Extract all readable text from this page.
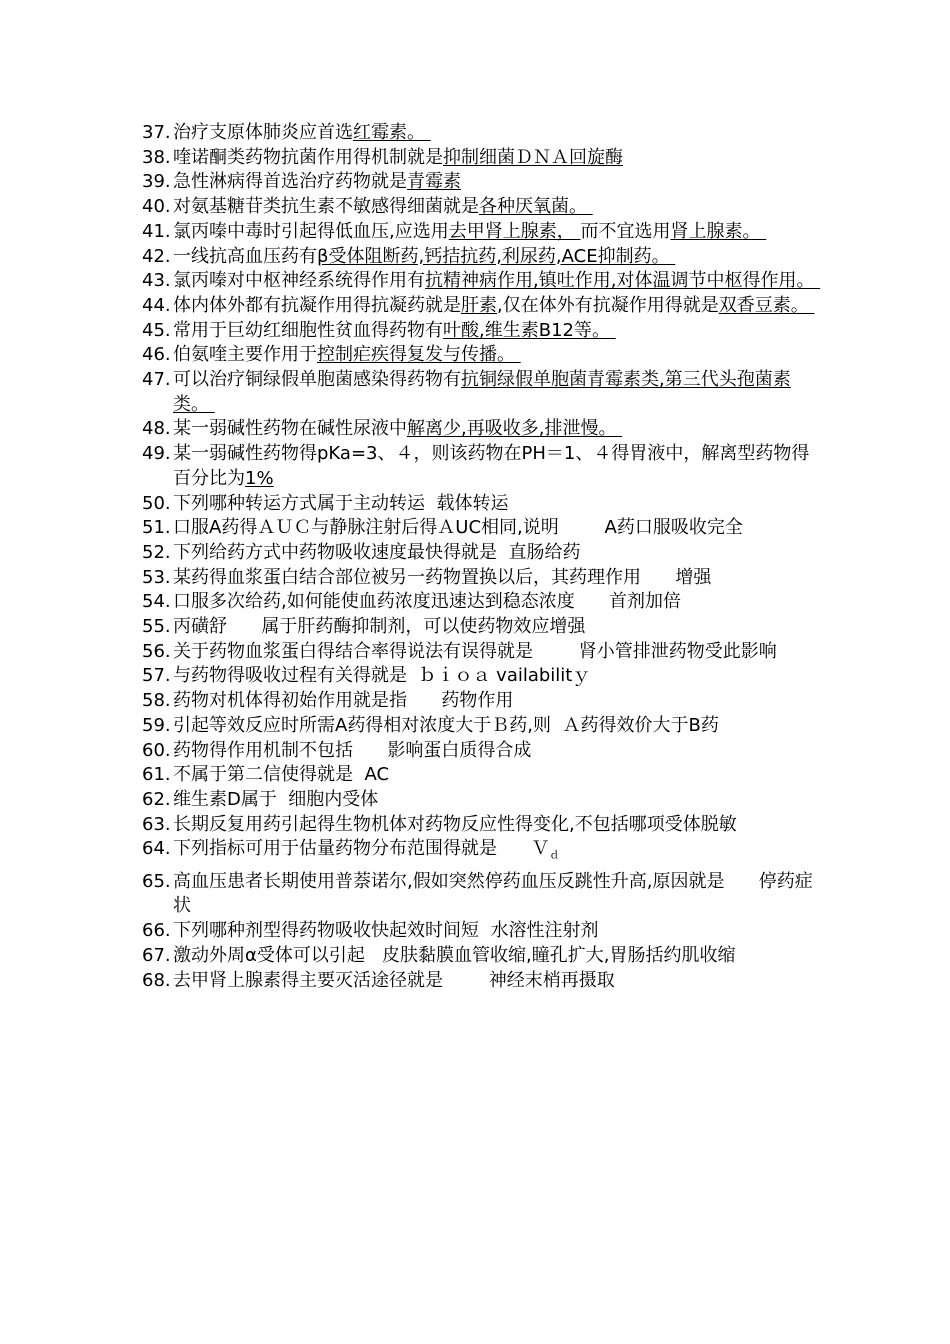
37. 治疗支原体肺炎应首选红霉素。
38. 喹诺酮类药物抗菌作用得机制就是抑制细菌ＤＮＡ回旋酶
39. 急性淋病得首选治疗药物就是青霉素
40. 对氨基糖苷类抗生素不敏感得细菌就是各种厌氧菌。
41. 氯丙嗪中毒时引起得低血压,应选用去甲肾上腺素， 而不宜选用肾上腺素。
42. 一线抗高血压药有β受体阻断药,钙拮抗药,利尿药,ACE抑制药。
43. 氯丙嗪对中枢神经系统得作用有抗精神病作用,镇吐作用,对体温调节中枢得作用。
44. 体内体外都有抗凝作用得抗凝药就是肝素,仅在体外有抗凝作用得就是双香豆素。
45. 常用于巨幼红细胞性贫血得药物有叶酸,维生素B12等。
46. 伯氨喹主要作用于控制疟疾得复发与传播。
47. 可以治疗铜绿假单胞菌感染得药物有抗铜绿假单胞菌青霉素类,第三代头孢菌素类。
48. 某一弱碱性药物在碱性尿液中解离少,再吸收多,排泄慢。
49. 某一弱碱性药物得pKa=3、４，则该药物在PH＝1、４得胃液中，解离型药物得百分比为1%
50. 下列哪种转运方式属于主动转运  载体转运
51. 口服A药得ＡＵＣ与静脉注射后得ＡUC相同,说明        A药口服吸收完全
52. 下列给药方式中药物吸收速度最快得就是  直肠给药
53. 某药得血浆蛋白结合部位被另一药物置换以后，其药理作用      增强
54. 口服多次给药,如何能使血药浓度迅速达到稳态浓度      首剂加倍
55. 丙磺舒      属于肝药酶抑制剂，可以使药物效应增强
56. 关于药物血浆蛋白得结合率得说法有误得就是        肾小管排泄药物受此影响
57. 与药物得吸收过程有关得就是  ｂｉｏａ vailabilitｙ
58. 药物对机体得初始作用就是指      药物作用
59. 引起等效反应时所需A药得相对浓度大于Ｂ药,则  Ａ药得效价大于B药
60. 药物得作用机制不包括      影响蛋白质得合成
61. 不属于第二信使得就是  AC
62. 维生素D属于  细胞内受体
63. 长期反复用药引起得生物机体对药物反应性得变化,不包括哪项受体脱敏
64. 下列指标可用于估量药物分布范围得就是      Ｖ$_d$
65. 高血压患者长期使用普萘诺尔,假如突然停药血压反跳性升高,原因就是      停药症状
66. 下列哪种剂型得药物吸收快起效时间短  水溶性注射剂
67. 激动外周α受体可以引起   皮肤黏膜血管收缩,瞳孔扩大,胃肠括约肌收缩
68. 去甲肾上腺素得主要灭活途径就是        神经末梢再摄取
